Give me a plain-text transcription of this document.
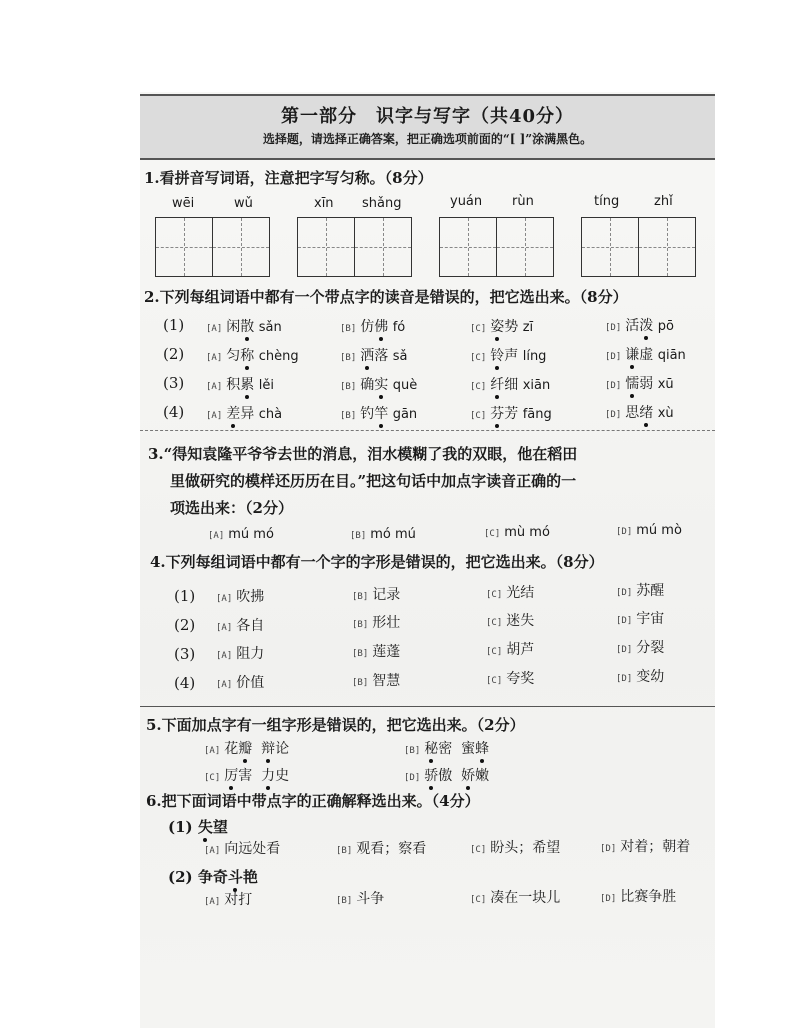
第一部分　识字与写字（共40分）
选择题，请选择正确答案，把正确选项前面的“[ ]”涂满黑色。
1.看拼音写词语，注意把字写匀称。（8分）
wēi	wǔ	xīn shǎng	yuán rùn	tíng	zhǐ
2.下列每组词语中都有一个带点字的读音是错误的，把它选出来。（8分）
(1) [A] 闲散 sǎn	[B] 仿佛 fó	[C] 姿势 zī	[D] 活泼 pō
(2) [A] 匀称 chèng	[B] 洒落 sǎ	[C] 铃声 líng	[D] 谦虚 qiān
(3) [A] 积累 lěi	[B] 确实 què	[C] 纤细 xiān	[D] 懦弱 xū
(4) [A] 差异 chà	[B] 钓竿 gān	[C] 芬芳 fāng	[D] 思绪 xù
3.“得知袁隆平爷爷去世的消息，泪水模糊了我的双眼，他在稻田
里做研究的模样还历历在目。”把这句话中加点字读音正确的一
项选出来：（2分）
[A] mú mó	[B] mó mú	[C] mù mó	[D] mú mò
4.下列每组词语中都有一个字的字形是错误的，把它选出来。（8分）
(1) [A] 吹拂	[B] 记录	[C] 光结	[D] 苏醒
(2) [A] 各自	[B] 形壮	[C] 迷失	[D] 宇宙
(3) [A] 阻力	[B] 莲蓬	[C] 胡芦	[D] 分裂
(4) [A] 价值	[B] 智慧	[C] 夸奖	[D] 变幼
5.下面加点字有一组字形是错误的，把它选出来。（2分）
[A] 花瓣 辩论	[B] 秘密 蜜蜂
[C] 厉害 力史	[D] 骄傲 娇嫩
6.把下面词语中带点字的正确解释选出来。（4分）
(1) 失望
[A] 向远处看	[B] 观看；察看	[C] 盼头；希望	[D] 对着；朝着
(2) 争奇斗艳
[A] 对打	[B] 斗争	[C] 凑在一块儿	[D] 比赛争胜
